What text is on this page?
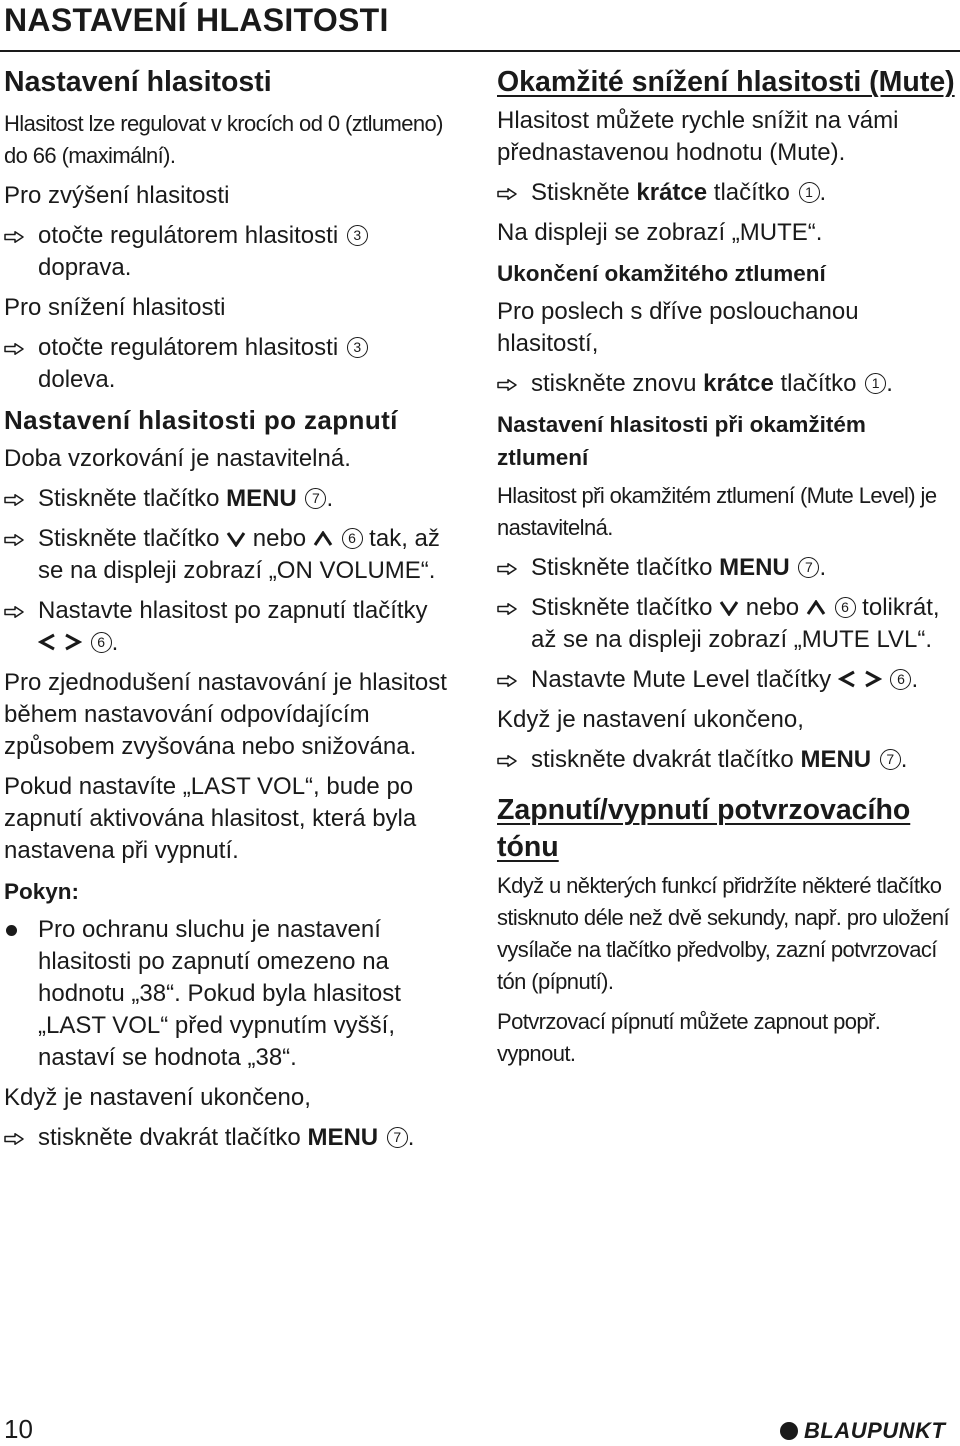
NASTAVENÍ HLASITOSTI
Nastavení hlasitosti

Hlasitost lze regulovat v krocích od 0 (ztlumeno) do 66 (maximální).

Pro zvýšení hlasitosti

otočte regulátorem hlasitosti 3
doprava.

Pro snížení hlasitosti

otočte regulátorem hlasitosti 3
doleva.
Nastavení hlasitosti po zapnutí

Doba vzorkování je nastavitelná.

Stiskněte tlačítko MENU 7 .
Stiskněte tlačítko nebo	6 tak, až se na displeji zobrazí „ON VOLUME“.
Nastavte hlasitost po zapnutí tlačítky  6 .

Pro zjednodušení nastavování je hlasitost během nastavování odpovídajícím způsobem zvyšována nebo snižována.

Pokud nastavíte „LAST VOL“, bude po zapnutí aktivována hlasitost, která byla nastavena při vypnutí.

Pokyn:
Pro ochranu sluchu je nastavení hlasitosti po zapnutí omezeno na hodnotu „38“. Pokud byla hlasitost „LAST VOL“ před vypnutím vyšší, nastaví se hodnota „38“.

Když je nastavení ukončeno,

stiskněte dvakrát tlačítko MENU 7 .
Okamžité snížení hlasitosti (Mute)

Hlasitost můžete rychle snížit na vámi přednastavenou hodnotu (Mute).

Stiskněte krátce tlačítko 1 .

Na displeji se zobrazí „MUTE“.

Ukončení okamžitého ztlumení

Pro poslech s dříve poslouchanou hlasitostí,

stiskněte znovu krátce tlačítko 1 .
Nastavení hlasitosti při okamžitém ztlumení

Hlasitost při okamžitém ztlumení (Mute Level) je nastavitelná.

Stiskněte tlačítko MENU 7 .
Stiskněte tlačítko nebo	6 tolikrát, až se na displeji zobrazí „MUTE LVL“.
Nastavte Mute Level tlačítky	6 .

Když je nastavení ukončeno,

stiskněte dvakrát tlačítko MENU 7 .
Zapnutí/vypnutí potvrzovacího tónu

Když u některých funkcí přidržíte některé tlačítko stisknuto déle než dvě sekundy, např. pro uložení vysílače na tlačítko předvolby, zazní potvrzovací tón (pípnutí).

Potvrzovací pípnutí můžete zapnout popř. vypnout.

10	BLAUPUNKT
